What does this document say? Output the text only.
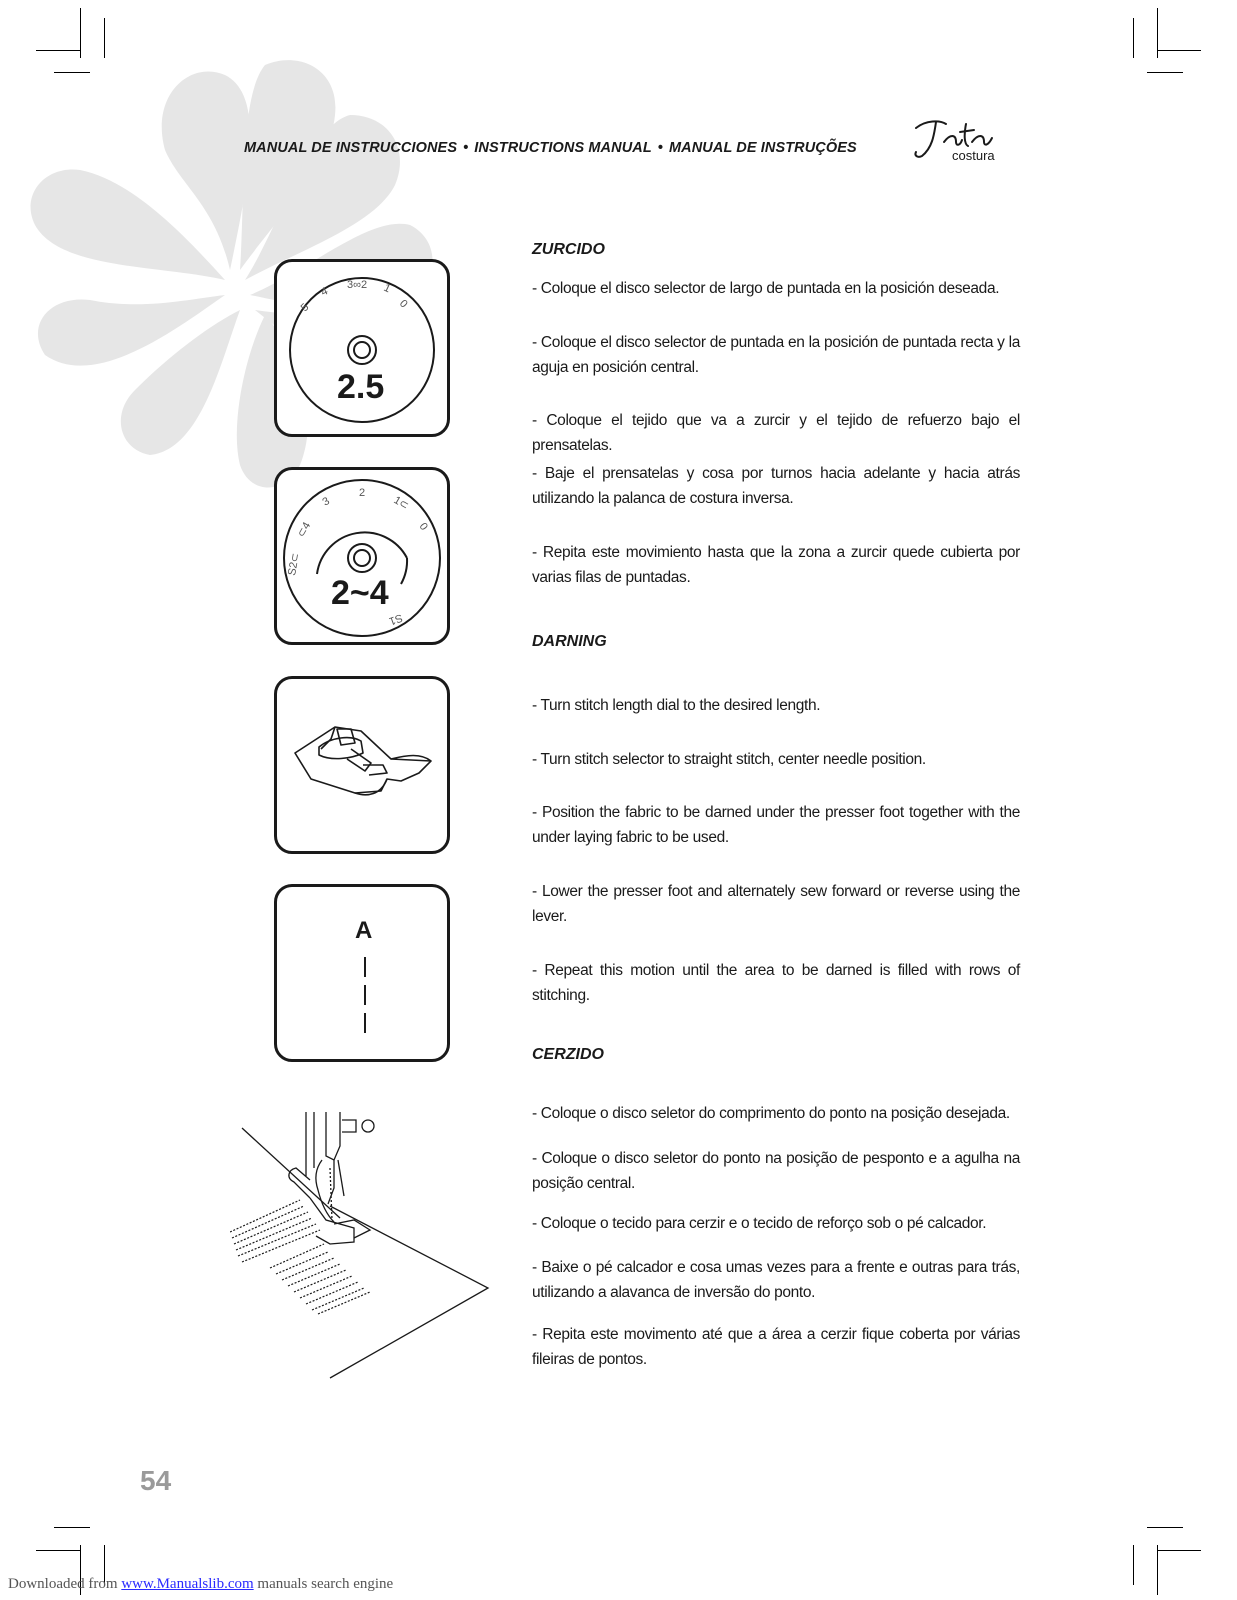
MANUAL DE INSTRUCCIONES • INSTRUCTIONS MANUAL • MANUAL DE INSTRUÇÕES	costura
5
4
3∞2 1
0
2.5
S2⊂
⊂4
3
2
1⊂
0
S1
2~4
A
ZURCIDO
- Coloque el disco selector de largo de puntada en la posición deseada.
- Coloque el disco selector de puntada en la posición de puntada recta y la aguja en posición central.
- Coloque el tejido que va a zurcir y el tejido de refuerzo bajo el prensatelas.
- Baje el prensatelas y cosa por turnos hacia adelante y hacia atrás utilizando la palanca de costura inversa.
- Repita este movimiento hasta que la zona a zurcir quede cubierta por varias filas de puntadas.
DARNING
- Turn stitch length dial to the desired length.
- Turn stitch selector to straight stitch, center needle position.
- Position the fabric to be darned under the presser foot together with the under laying fabric to be used.
- Lower the presser foot and alternately sew forward or reverse using the lever.
- Repeat this motion until the area to be darned is filled with rows of stitching.
CERZIDO
- Coloque o disco seletor do comprimento do ponto na posição desejada.
- Coloque o disco seletor do ponto na posição de pesponto e a agulha na posição central.
- Coloque o tecido para cerzir e o tecido de reforço sob o pé calcador.
- Baixe o pé calcador e cosa umas vezes para a frente e outras para trás, utilizando a alavanca de inversão do ponto.
- Repita este movimento até que a área a cerzir fique coberta por várias fileiras de pontos.
54
Downloaded from www.Manualslib.com manuals search engine
